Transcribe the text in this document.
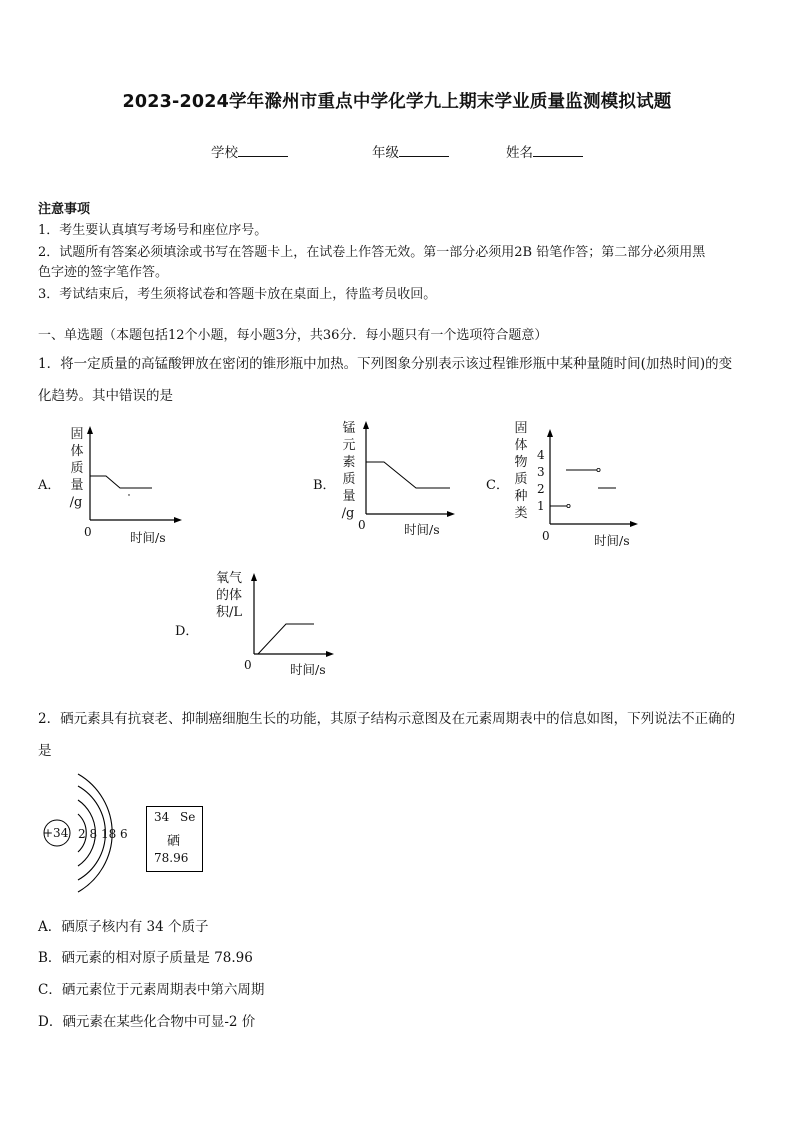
2023-2024学年滁州市重点中学化学九上期末学业质量监测模拟试题
学校	年级	姓名
注意事项
1．考生要认真填写考场号和座位序号。
2．试题所有答案必须填涂或书写在答题卡上，在试卷上作答无效。第一部分必须用2B 铅笔作答；第二部分必须用黑
色字迹的签字笔作答。
3．考试结束后，考生须将试卷和答题卡放在桌面上，待监考员收回。
一、单选题（本题包括12个小题，每小题3分，共36分．每小题只有一个选项符合题意）
1．将一定质量的高锰酸钾放在密闭的锥形瓶中加热。下列图象分别表示该过程锥形瓶中某种量随时间(加热时间)的变
化趋势。其中错误的是
A．
固
体
质
量
/g
0	时间/s
B．
锰
元
素
质
量
/g
0	时间/s
C．
固
体
物
质
种
类
4
3
2
1
0	时间/s
D．
氧气
的体
积/L
0	时间/s
2．硒元素具有抗衰老、抑制癌细胞生长的功能，其原子结构示意图及在元素周期表中的信息如图，下列说法不正确的
是
+34 2 8 18 6
34 Se
硒
78.96
A．硒原子核内有 34 个质子
B．硒元素的相对原子质量是 78.96
C．硒元素位于元素周期表中第六周期
D．硒元素在某些化合物中可显-2 价
